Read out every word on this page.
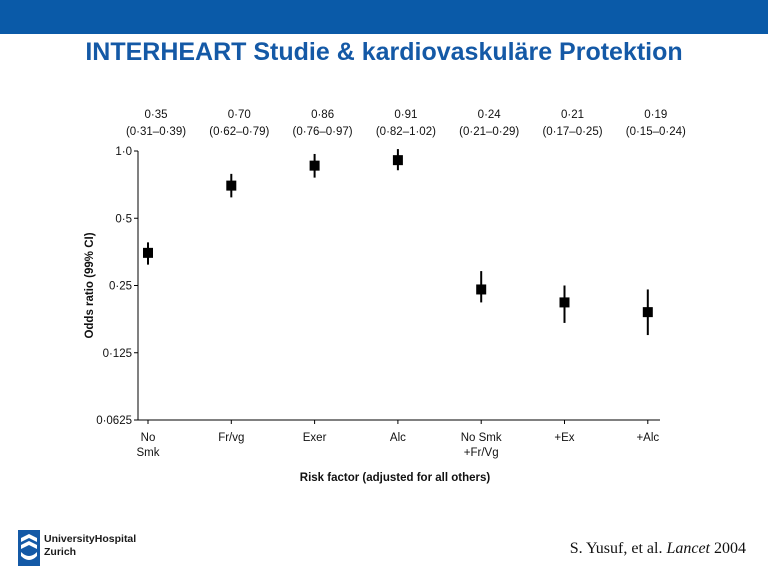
INTERHEART Studie & kardiovaskuläre Protektion
1·0
0·5
0·25
0·125
0·0625
Odds ratio (99% CI)
Risk factor (adjusted for all others)
No
Smk
0·35
(0·31–0·39)
Fr/vg
0·70
(0·62–0·79)
Exer
0·86
(0·76–0·97)
Alc
0·91
(0·82–1·02)
No Smk
+Fr/Vg
0·24
(0·21–0·29)
+Ex
0·21
(0·17–0·25)
+Alc
0·19
(0·15–0·24)
UniversityHospital
Zurich	S. Yusuf, et al. Lancet 2004
